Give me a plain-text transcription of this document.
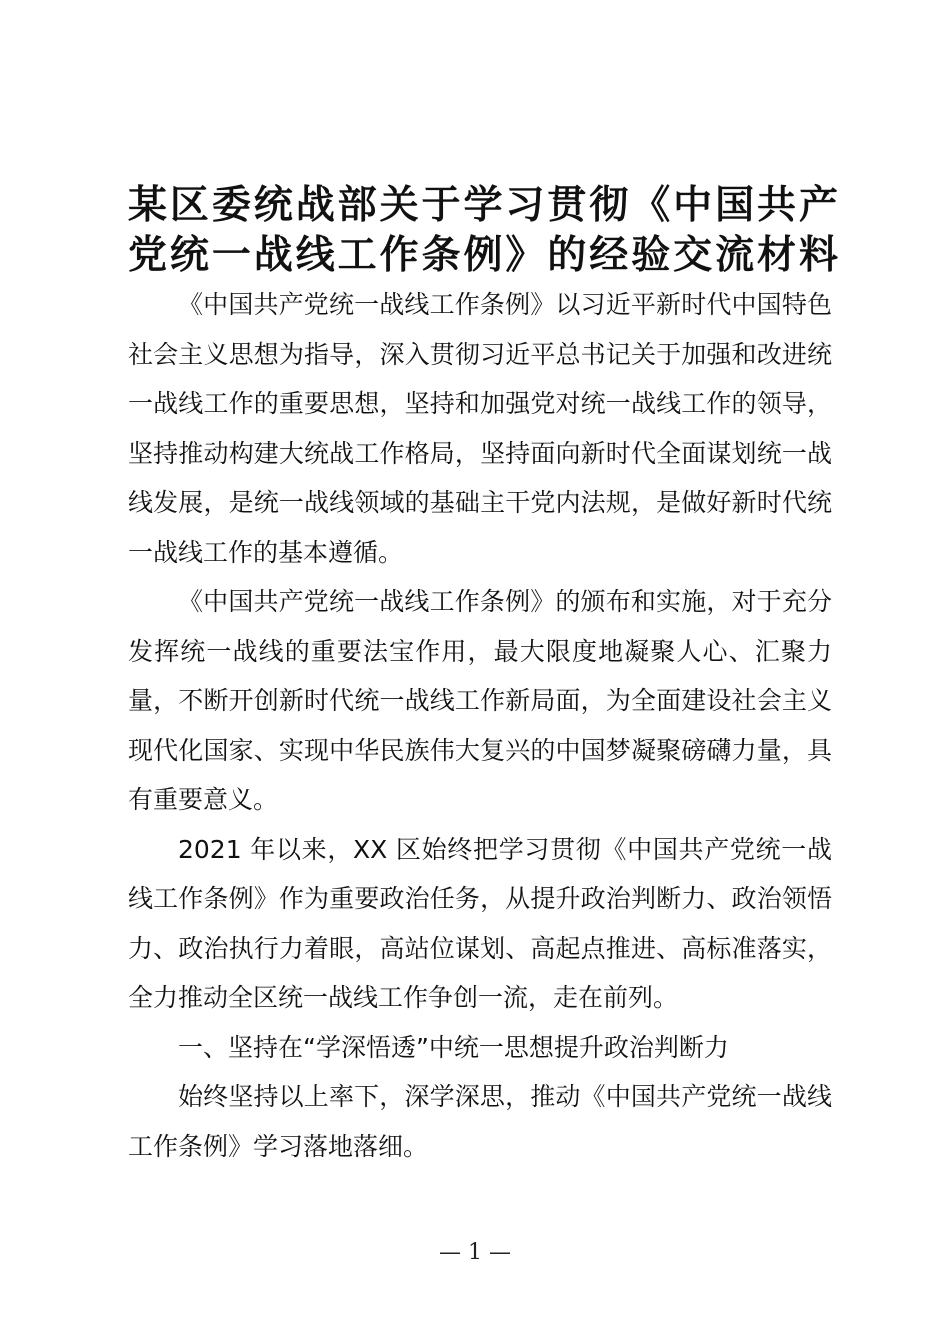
某区委统战部关于学习贯彻《中国共产
党统一战线工作条例》的经验交流材料

《中国共产党统一战线工作条例》以习近平新时代中国特色社会主义思想为指导，深入贯彻习近平总书记关于加强和改进统一战线工作的重要思想，坚持和加强党对统一战线工作的领导，坚持推动构建大统战工作格局，坚持面向新时代全面谋划统一战线发展，是统一战线领域的基础主干党内法规，是做好新时代统一战线工作的基本遵循。

《中国共产党统一战线工作条例》的颁布和实施，对于充分发挥统一战线的重要法宝作用，最大限度地凝聚人心、汇聚力量，不断开创新时代统一战线工作新局面，为全面建设社会主义现代化国家、实现中华民族伟大复兴的中国梦凝聚磅礴力量，具有重要意义。

2021 年以来，XX 区始终把学习贯彻《中国共产党统一战线工作条例》作为重要政治任务，从提升政治判断力、政治领悟力、政治执行力着眼，高站位谋划、高起点推进、高标准落实，全力推动全区统一战线工作争创一流，走在前列。

一、坚持在“学深悟透”中统一思想提升政治判断力

始终坚持以上率下，深学深思，推动《中国共产党统一战线工作条例》学习落地落细。

— 1 —
